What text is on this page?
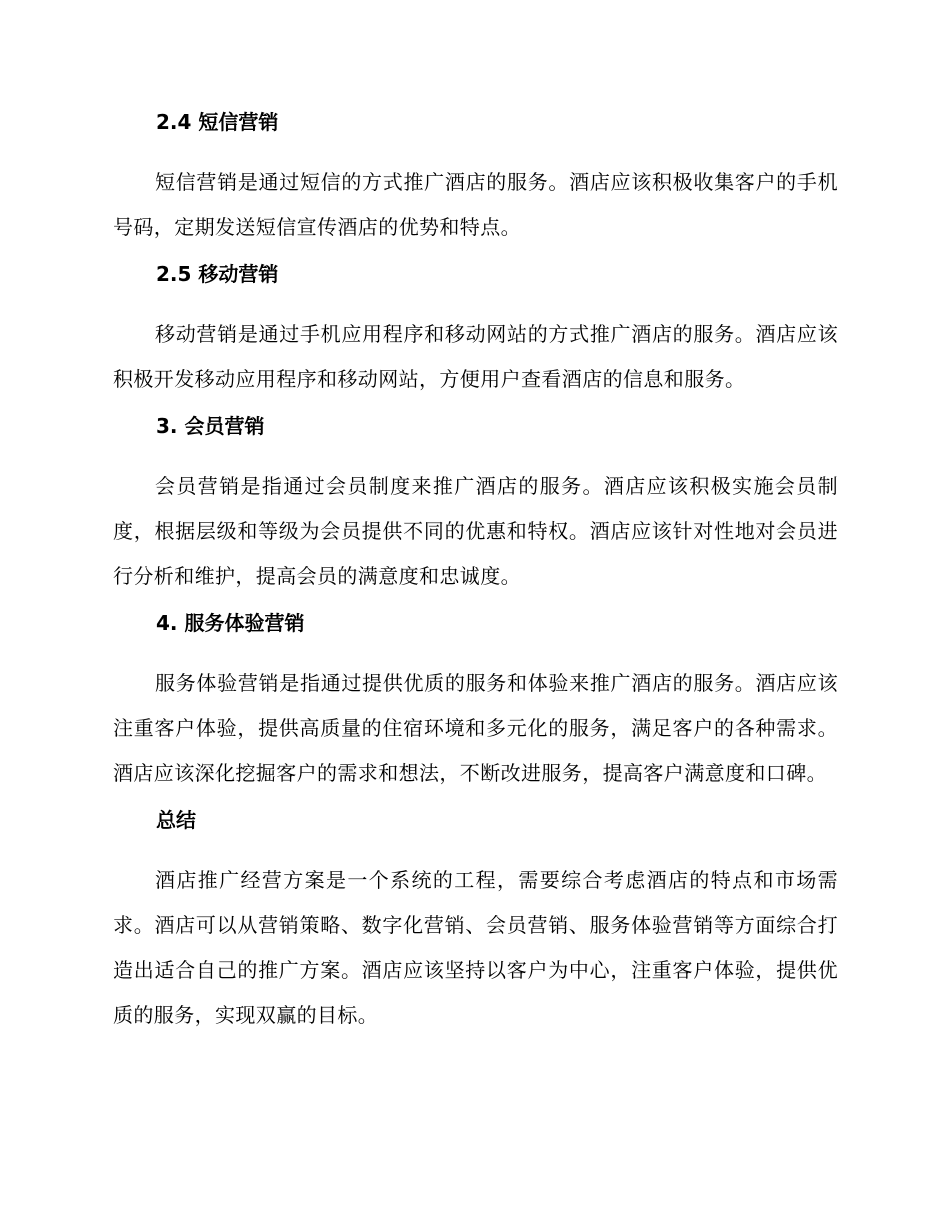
2.4 短信营销

短信营销是通过短信的方式推广酒店的服务。酒店应该积极收集客户的手机号码，定期发送短信宣传酒店的优势和特点。

2.5 移动营销

移动营销是通过手机应用程序和移动网站的方式推广酒店的服务。酒店应该积极开发移动应用程序和移动网站，方便用户查看酒店的信息和服务。

3. 会员营销

会员营销是指通过会员制度来推广酒店的服务。酒店应该积极实施会员制度，根据层级和等级为会员提供不同的优惠和特权。酒店应该针对性地对会员进行分析和维护，提高会员的满意度和忠诚度。

4. 服务体验营销

服务体验营销是指通过提供优质的服务和体验来推广酒店的服务。酒店应该注重客户体验，提供高质量的住宿环境和多元化的服务，满足客户的各种需求。酒店应该深化挖掘客户的需求和想法，不断改进服务，提高客户满意度和口碑。

总结

酒店推广经营方案是一个系统的工程，需要综合考虑酒店的特点和市场需求。酒店可以从营销策略、数字化营销、会员营销、服务体验营销等方面综合打造出适合自己的推广方案。酒店应该坚持以客户为中心，注重客户体验，提供优质的服务，实现双赢的目标。
